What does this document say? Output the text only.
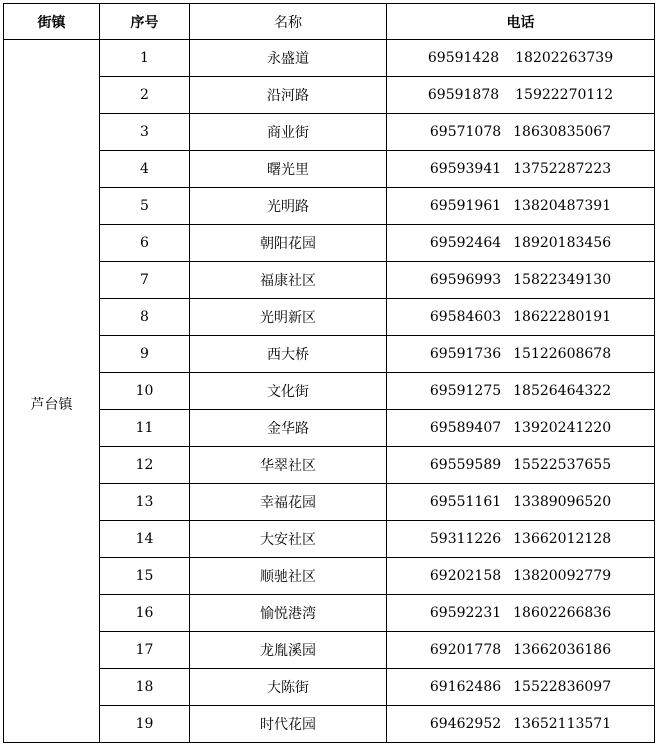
街镇	序号	名称	电话
芦台镇	1	永盛道	69591428 18202263739
	2	沿河路	69591878 15922270112
	3	商业街	69571078 18630835067
	4	曙光里	69593941 13752287223
	5	光明路	69591961 13820487391
	6	朝阳花园	69592464 18920183456
	7	福康社区	69596993 15822349130
	8	光明新区	69584603 18622280191
	9	西大桥	69591736 15122608678
	10	文化街	69591275 18526464322
	11	金华路	69589407 13920241220
	12	华翠社区	69559589 15522537655
	13	幸福花园	69551161 13389096520
	14	大安社区	59311226 13662012128
	15	顺驰社区	69202158 13820092779
	16	愉悦港湾	69592231 18602266836
	17	龙胤溪园	69201778 13662036186
	18	大陈街	69162486 15522836097
	19	时代花园	69462952 13652113571
